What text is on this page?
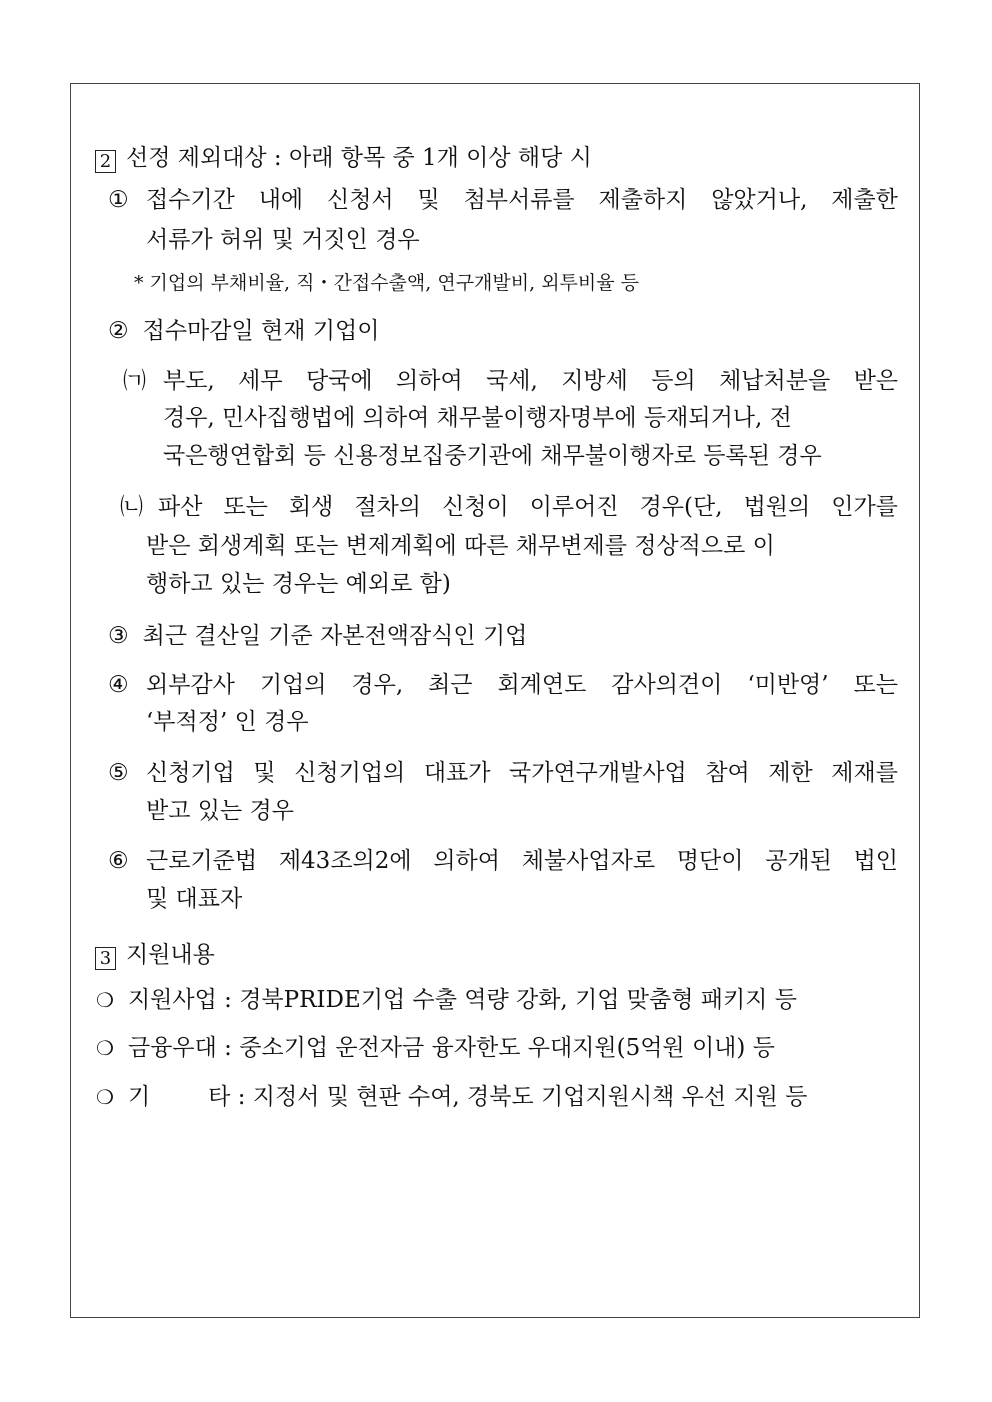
2 선정 제외대상 : 아래 항목 중 1개 이상 해당 시
① 접수기간 내에 신청서 및 첨부서류를 제출하지 않았거나, 제출한
서류가 허위 및 거짓인 경우
* 기업의 부채비율, 직・간접수출액, 연구개발비, 외투비율 등
② 접수마감일 현재 기업이
㈀ 부도, 세무 당국에 의하여 국세, 지방세 등의 체납처분을 받은
경우, 민사집행법에 의하여 채무불이행자명부에 등재되거나, 전
국은행연합회 등 신용정보집중기관에 채무불이행자로 등록된 경우
㈁ 파산 또는 회생 절차의 신청이 이루어진 경우(단, 법원의 인가를
받은 회생계획 또는 변제계획에 따른 채무변제를 정상적으로 이
행하고 있는 경우는 예외로 함)
③ 최근 결산일 기준 자본전액잠식인 기업
④ 외부감사 기업의 경우, 최근 회계연도 감사의견이 ‘미반영’ 또는
‘부적정’ 인 경우
⑤ 신청기업 및 신청기업의 대표가 국가연구개발사업 참여 제한 제재를
받고 있는 경우
⑥ 근로기준법 제43조의2에 의하여 체불사업자로 명단이 공개된 법인
및 대표자
3 지원내용
❍ 지원사업 : 경북PRIDE기업 수출 역량 강화, 기업 맞춤형 패키지 등
❍ 금융우대 : 중소기업 운전자금 융자한도 우대지원(5억원 이내) 등
❍ 기	타 : 지정서 및 현판 수여, 경북도 기업지원시책 우선 지원 등
